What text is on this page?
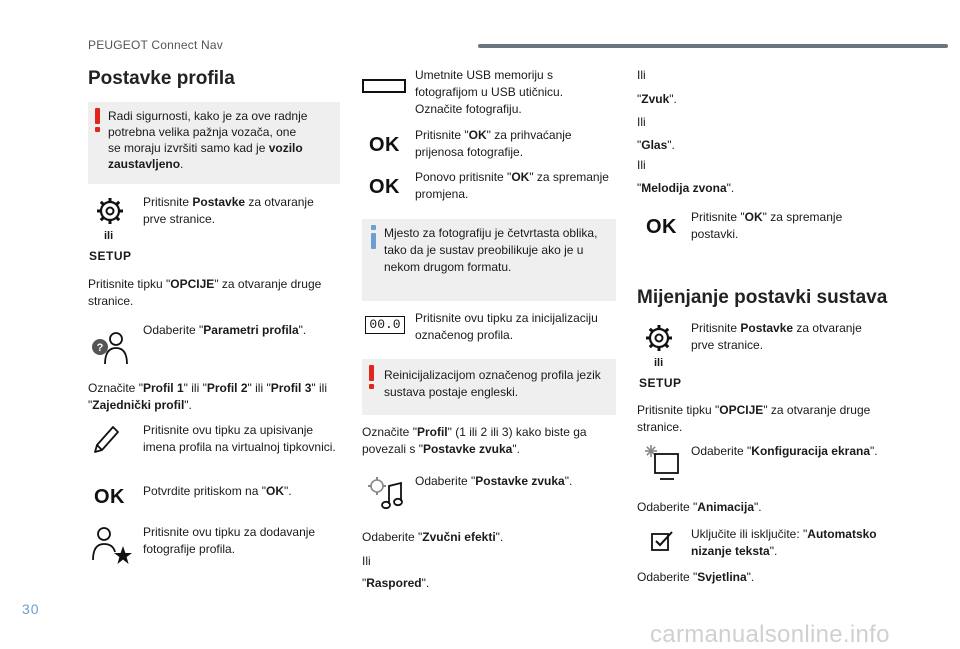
PEUGEOT Connect Nav
Postavke profila
Radi sigurnosti, kako je za ove radnje
potrebna velika pažnja vozača, one
se moraju izvršiti samo kad je vozilo
zaustavljeno.
ili
SETUP
Pritisnite Postavke za otvaranje
prve stranice.
Pritisnite tipku "OPCIJE" za otvaranje druge
stranice.
?
Odaberite "Parametri profila".
Označite "Profil 1" ili "Profil 2" ili "Profil 3" ili
"Zajednički profil".
Pritisnite ovu tipku za upisivanje
imena profila na virtualnoj tipkovnici.
OK Potvrdite pritiskom na "OK".
Pritisnite ovu tipku za dodavanje
fotografije profila.
Umetnite USB memoriju s
fotografijom u USB utičnicu.
Označite fotografiju.
OK Pritisnite "OK" za prihvaćanje
prijenosa fotografije.
OK Ponovo pritisnite "OK" za spremanje
promjena.
Mjesto za fotografiju je četvrtasta oblika,
tako da je sustav preobilikuje ako je u
nekom drugom formatu.
00.0	Pritisnite ovu tipku za inicijalizaciju
označenog profila.
Reinicijalizacijom označenog profila jezik
sustava postaje engleski.
Označite "Profil" (1 ili 2 ili 3) kako biste ga
povezali s "Postavke zvuka".
Odaberite "Postavke zvuka".
Odaberite "Zvučni efekti".
Ili
"Raspored".
Ili
"Zvuk".
Ili
"Glas".
Ili
"Melodija zvona".
OK Pritisnite "OK" za spremanje
postavki.
Mijenjanje postavki sustava
ili
SETUP
Pritisnite Postavke za otvaranje
prve stranice.
Pritisnite tipku "OPCIJE" za otvaranje druge
stranice.
Odaberite "Konfiguracija ekrana".
Odaberite "Animacija".
Uključite ili isključite: "Automatsko
nizanje teksta".
Odaberite "Svjetlina".
30
carmanualsonline.info
